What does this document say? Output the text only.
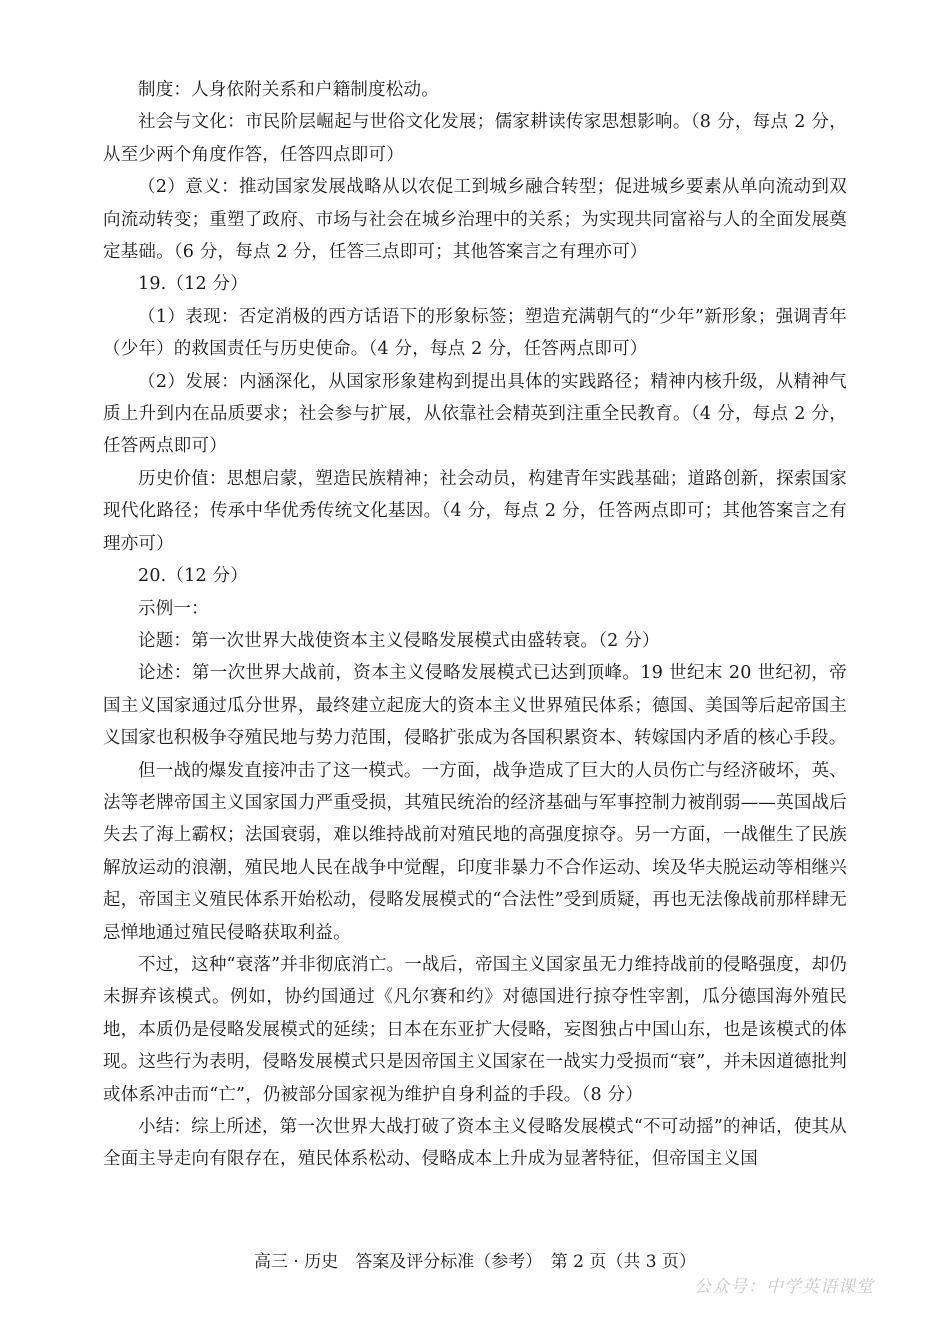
制度：人身依附关系和户籍制度松动。

社会与文化：市民阶层崛起与世俗文化发展；儒家耕读传家思想影响。（8 分，每点 2 分，从至少两个角度作答，任答四点即可）

（2）意义：推动国家发展战略从以农促工到城乡融合转型；促进城乡要素从单向流动到双向流动转变；重塑了政府、市场与社会在城乡治理中的关系；为实现共同富裕与人的全面发展奠定基础。（6 分，每点 2 分，任答三点即可；其他答案言之有理亦可）

19.（12 分）

（1）表现：否定消极的西方话语下的形象标签；塑造充满朝气的“少年”新形象；强调青年（少年）的救国责任与历史使命。（4 分，每点 2 分，任答两点即可）

（2）发展：内涵深化，从国家形象建构到提出具体的实践路径；精神内核升级，从精神气质上升到内在品质要求；社会参与扩展，从依靠社会精英到注重全民教育。（4 分，每点 2 分，任答两点即可）

历史价值：思想启蒙，塑造民族精神；社会动员，构建青年实践基础；道路创新，探索国家现代化路径；传承中华优秀传统文化基因。（4 分，每点 2 分，任答两点即可；其他答案言之有理亦可）

20.（12 分）

示例一：

论题：第一次世界大战使资本主义侵略发展模式由盛转衰。（2 分）

论述：第一次世界大战前，资本主义侵略发展模式已达到顶峰。19 世纪末 20 世纪初，帝国主义国家通过瓜分世界，最终建立起庞大的资本主义世界殖民体系；德国、美国等后起帝国主义国家也积极争夺殖民地与势力范围，侵略扩张成为各国积累资本、转嫁国内矛盾的核心手段。

但一战的爆发直接冲击了这一模式。一方面，战争造成了巨大的人员伤亡与经济破坏，英、法等老牌帝国主义国家国力严重受损，其殖民统治的经济基础与军事控制力被削弱——英国战后失去了海上霸权；法国衰弱，难以维持战前对殖民地的高强度掠夺。另一方面，一战催生了民族解放运动的浪潮，殖民地人民在战争中觉醒，印度非暴力不合作运动、埃及华夫脱运动等相继兴起，帝国主义殖民体系开始松动，侵略发展模式的“合法性”受到质疑，再也无法像战前那样肆无忌惮地通过殖民侵略获取利益。

不过，这种“衰落”并非彻底消亡。一战后，帝国主义国家虽无力维持战前的侵略强度，却仍未摒弃该模式。例如，协约国通过《凡尔赛和约》对德国进行掠夺性宰割，瓜分德国海外殖民地，本质仍是侵略发展模式的延续；日本在东亚扩大侵略，妄图独占中国山东，也是该模式的体现。这些行为表明，侵略发展模式只是因帝国主义国家在一战实力受损而“衰”，并未因道德批判或体系冲击而“亡”，仍被部分国家视为维护自身利益的手段。（8 分）

小结：综上所述，第一次世界大战打破了资本主义侵略发展模式“不可动摇”的神话，使其从全面主导走向有限存在，殖民体系松动、侵略成本上升成为显著特征，但帝国主义国

高三 · 历史　答案及评分标准（参考）　第 2 页（共 3 页）
公众号：中学英语课堂
